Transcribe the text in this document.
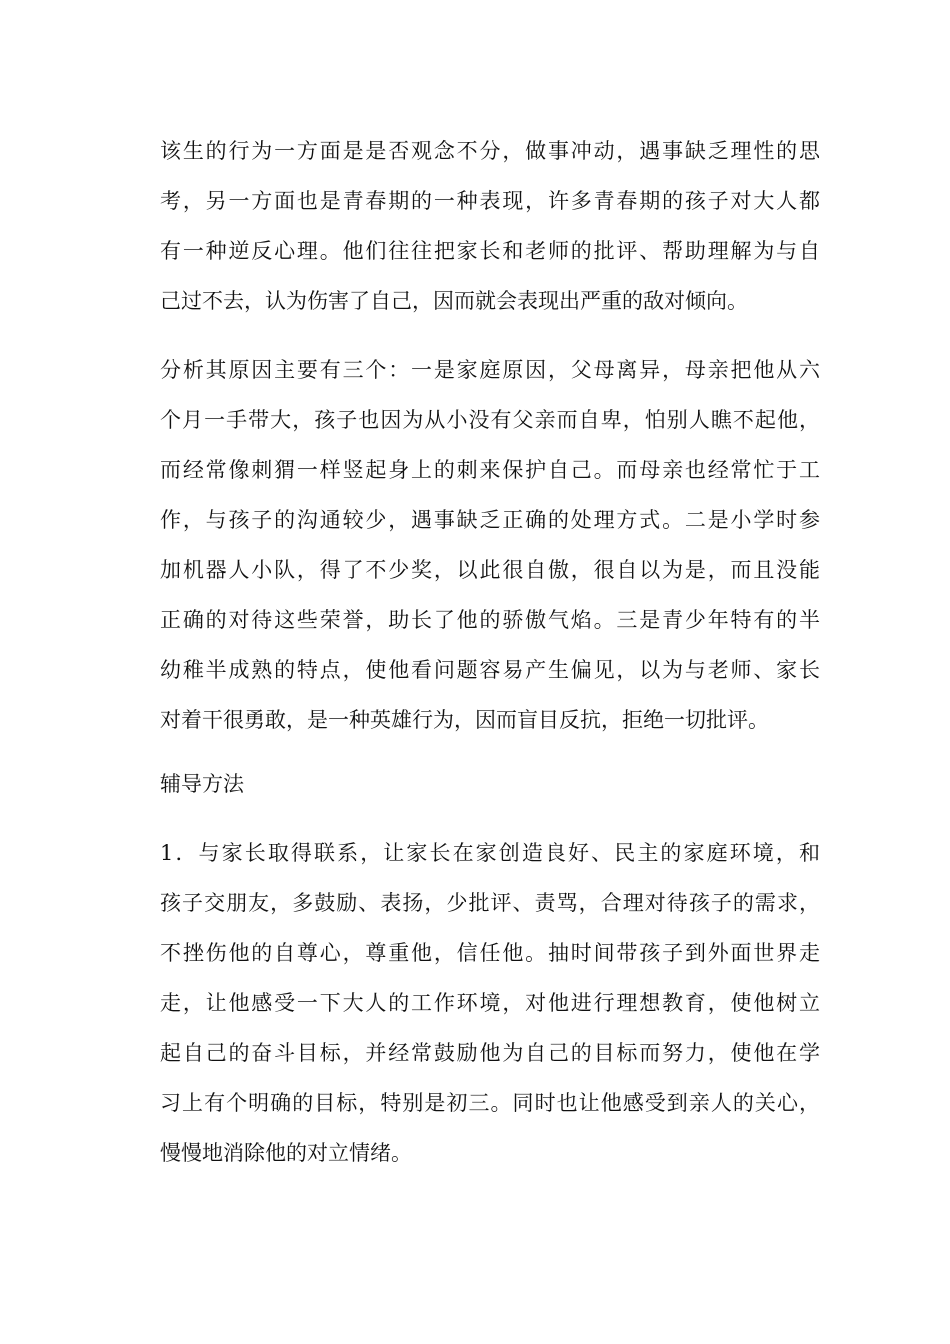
该生的行为一方面是是否观念不分，做事冲动，遇事缺乏理性的思
考，另一方面也是青春期的一种表现，许多青春期的孩子对大人都
有一种逆反心理。他们往往把家长和老师的批评、帮助理解为与自
己过不去，认为伤害了自己，因而就会表现出严重的敌对倾向。
分析其原因主要有三个：一是家庭原因，父母离异，母亲把他从六
个月一手带大，孩子也因为从小没有父亲而自卑，怕别人瞧不起他，
而经常像刺猬一样竖起身上的刺来保护自己。而母亲也经常忙于工
作，与孩子的沟通较少，遇事缺乏正确的处理方式。二是小学时参
加机器人小队，得了不少奖，以此很自傲，很自以为是，而且没能
正确的对待这些荣誉，助长了他的骄傲气焰。三是青少年特有的半
幼稚半成熟的特点，使他看问题容易产生偏见，以为与老师、家长
对着干很勇敢，是一种英雄行为，因而盲目反抗，拒绝一切批评。
辅导方法
1．与家长取得联系，让家长在家创造良好、民主的家庭环境，和
孩子交朋友，多鼓励、表扬，少批评、责骂，合理对待孩子的需求，
不挫伤他的自尊心，尊重他，信任他。抽时间带孩子到外面世界走
走，让他感受一下大人的工作环境，对他进行理想教育，使他树立
起自己的奋斗目标，并经常鼓励他为自己的目标而努力，使他在学
习上有个明确的目标，特别是初三。同时也让他感受到亲人的关心，
慢慢地消除他的对立情绪。
